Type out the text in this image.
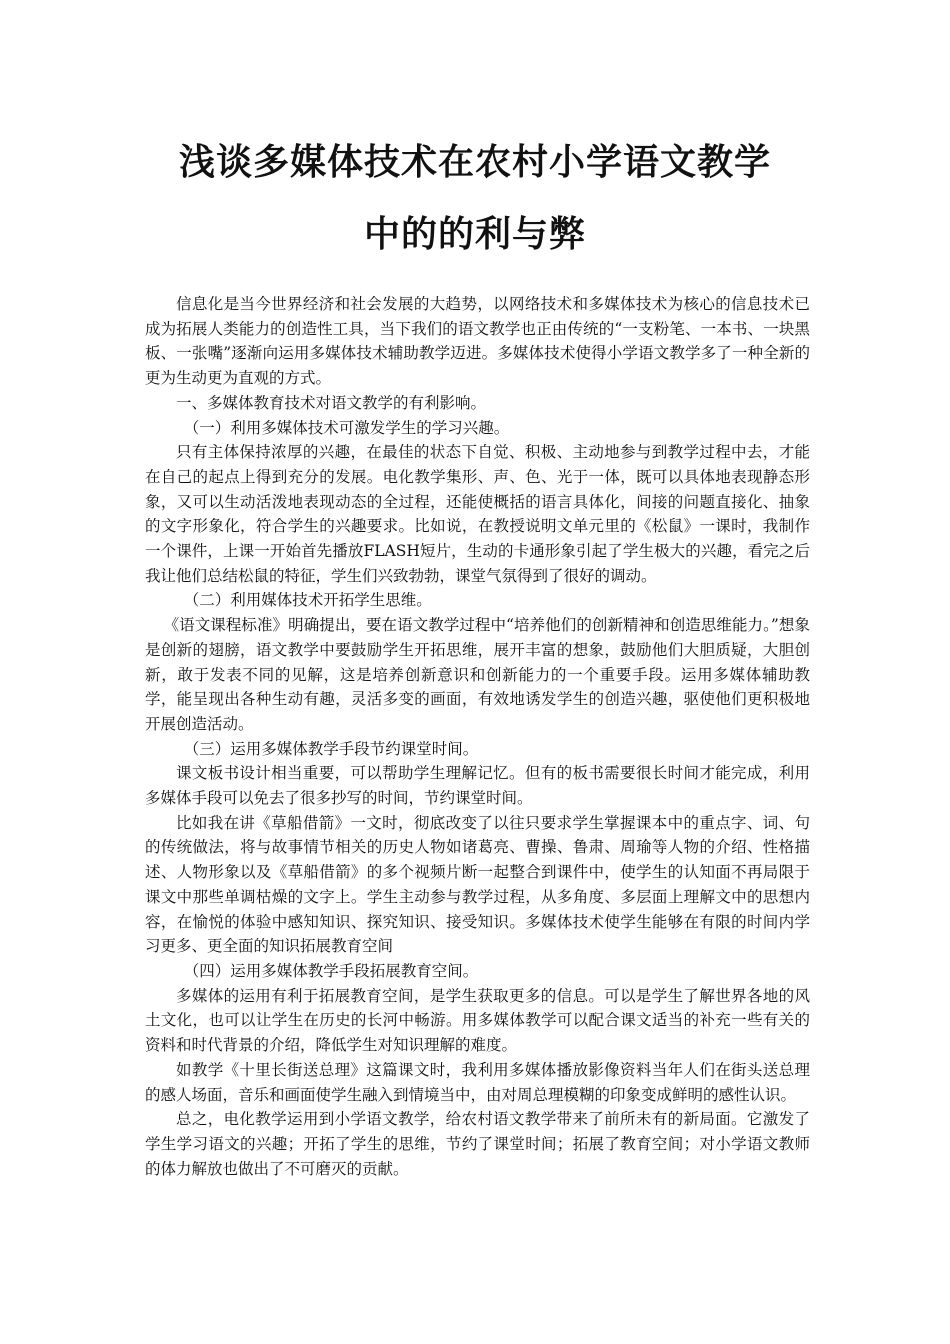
浅谈多媒体技术在农村小学语文教学
中的的利与弊

信息化是当今世界经济和社会发展的大趋势，以网络技术和多媒体技术为核心的信息技术已成为拓展人类能力的创造性工具，当下我们的语文教学也正由传统的“一支粉笔、一本书、一块黑板、一张嘴”逐渐向运用多媒体技术辅助教学迈进。多媒体技术使得小学语文教学多了一种全新的更为生动更为直观的方式。

一、多媒体教育技术对语文教学的有利影响。

（一）利用多媒体技术可激发学生的学习兴趣。

只有主体保持浓厚的兴趣，在最佳的状态下自觉、积极、主动地参与到教学过程中去，才能在自己的起点上得到充分的发展。电化教学集形、声、色、光于一体，既可以具体地表现静态形象，又可以生动活泼地表现动态的全过程，还能使概括的语言具体化，间接的问题直接化、抽象的文字形象化，符合学生的兴趣要求。比如说，在教授说明文单元里的《松鼠》一课时，我制作一个课件，上课一开始首先播放FLASH短片，生动的卡通形象引起了学生极大的兴趣，看完之后我让他们总结松鼠的特征，学生们兴致勃勃，课堂气氛得到了很好的调动。

（二）利用媒体技术开拓学生思维。

《语文课程标准》明确提出，要在语文教学过程中“培养他们的创新精神和创造思维能力。”想象是创新的翅膀，语文教学中要鼓励学生开拓思维，展开丰富的想象，鼓励他们大胆质疑，大胆创新，敢于发表不同的见解，这是培养创新意识和创新能力的一个重要手段。运用多媒体辅助教学，能呈现出各种生动有趣，灵活多变的画面，有效地诱发学生的创造兴趣，驱使他们更积极地开展创造活动。

（三）运用多媒体教学手段节约课堂时间。

课文板书设计相当重要，可以帮助学生理解记忆。但有的板书需要很长时间才能完成，利用多媒体手段可以免去了很多抄写的时间，节约课堂时间。

比如我在讲《草船借箭》一文时，彻底改变了以往只要求学生掌握课本中的重点字、词、句的传统做法，将与故事情节相关的历史人物如诸葛亮、曹操、鲁肃、周瑜等人物的介绍、性格描述、人物形象以及《草船借箭》的多个视频片断一起整合到课件中，使学生的认知面不再局限于课文中那些单调枯燥的文字上。学生主动参与教学过程，从多角度、多层面上理解文中的思想内容，在愉悦的体验中感知知识、探究知识、接受知识。多媒体技术使学生能够在有限的时间内学习更多、更全面的知识拓展教育空间

（四）运用多媒体教学手段拓展教育空间。

多媒体的运用有利于拓展教育空间，是学生获取更多的信息。可以是学生了解世界各地的风土文化，也可以让学生在历史的长河中畅游。用多媒体教学可以配合课文适当的补充一些有关的资料和时代背景的介绍，降低学生对知识理解的难度。

如教学《十里长街送总理》这篇课文时，我利用多媒体播放影像资料当年人们在街头送总理的感人场面，音乐和画面使学生融入到情境当中，由对周总理模糊的印象变成鲜明的感性认识。

总之，电化教学运用到小学语文教学，给农村语文教学带来了前所未有的新局面。它激发了学生学习语文的兴趣；开拓了学生的思维，节约了课堂时间；拓展了教育空间；对小学语文教师的体力解放也做出了不可磨灭的贡献。
